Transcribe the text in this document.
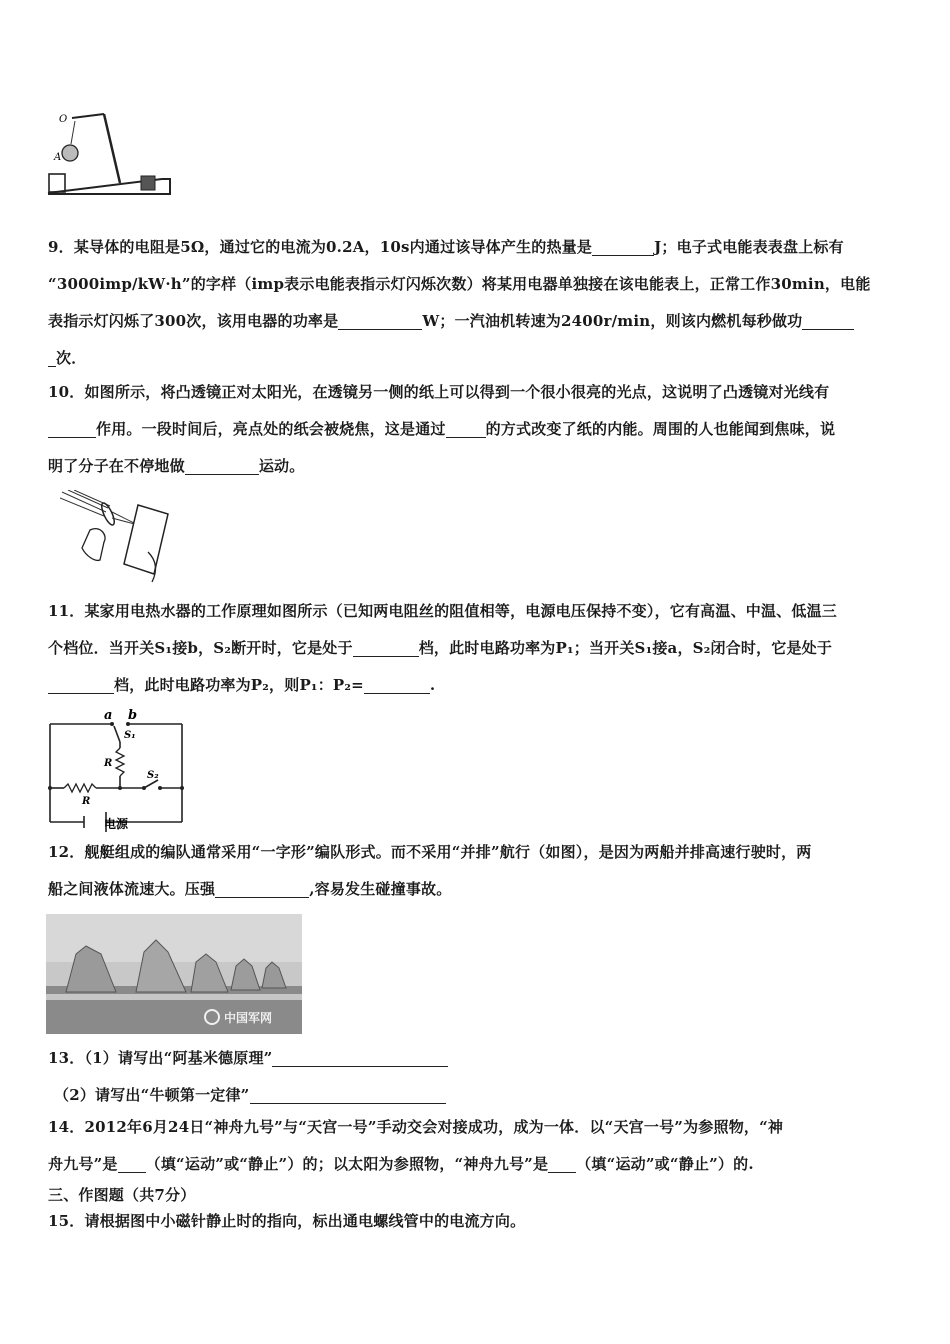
O
A
9．某导体的电阻是5Ω，通过它的电流为0.2A，10s内通过该导体产生的热量是	J；电子式电能表表盘上标有
“3000imp/kW·h”的字样（imp表示电能表指示灯闪烁次数）将某用电器单独接在该电能表上，正常工作30min，电能
表指示灯闪烁了300次，该用电器的功率是	W；一汽油机转速为2400r/min，则该内燃机每秒做功
次．
10．如图所示，将凸透镜正对太阳光，在透镜另一侧的纸上可以得到一个很小很亮的光点，这说明了凸透镜对光线有
作用。一段时间后，亮点处的纸会被烧焦，这是通过	的方式改变了纸的内能。周围的人也能闻到焦味，说
明了分子在不停地做	运动。
11．某家用电热水器的工作原理如图所示（已知两电阻丝的阻值相等，电源电压保持不变），它有高温、中温、低温三
个档位．当开关S₁接b，S₂断开时，它是处于	档，此时电路功率为P₁；当开关S₁接a，S₂闭合时，它是处于
档，此时电路功率为P₂，则P₁：P₂=	.
a b
S₁
R
S₂
R
电源
12．舰艇组成的编队通常采用“一字形”编队形式。而不采用“并排”航行（如图），是因为两船并排高速行驶时，两
船之间液体流速大。压强	,容易发生碰撞事故。
中国军网
13．（1）请写出“阿基米德原理”
（2）请写出“牛顿第一定律”
14．2012年6月24日“神舟九号”与“天宫一号”手动交会对接成功，成为一体．以“天宫一号”为参照物，“神
舟九号”是 （填“运动”或“静止”）的；以太阳为参照物，“神舟九号”是 （填“运动”或“静止”）的.
三、作图题（共7分）
15．请根据图中小磁针静止时的指向，标出通电螺线管中的电流方向。
